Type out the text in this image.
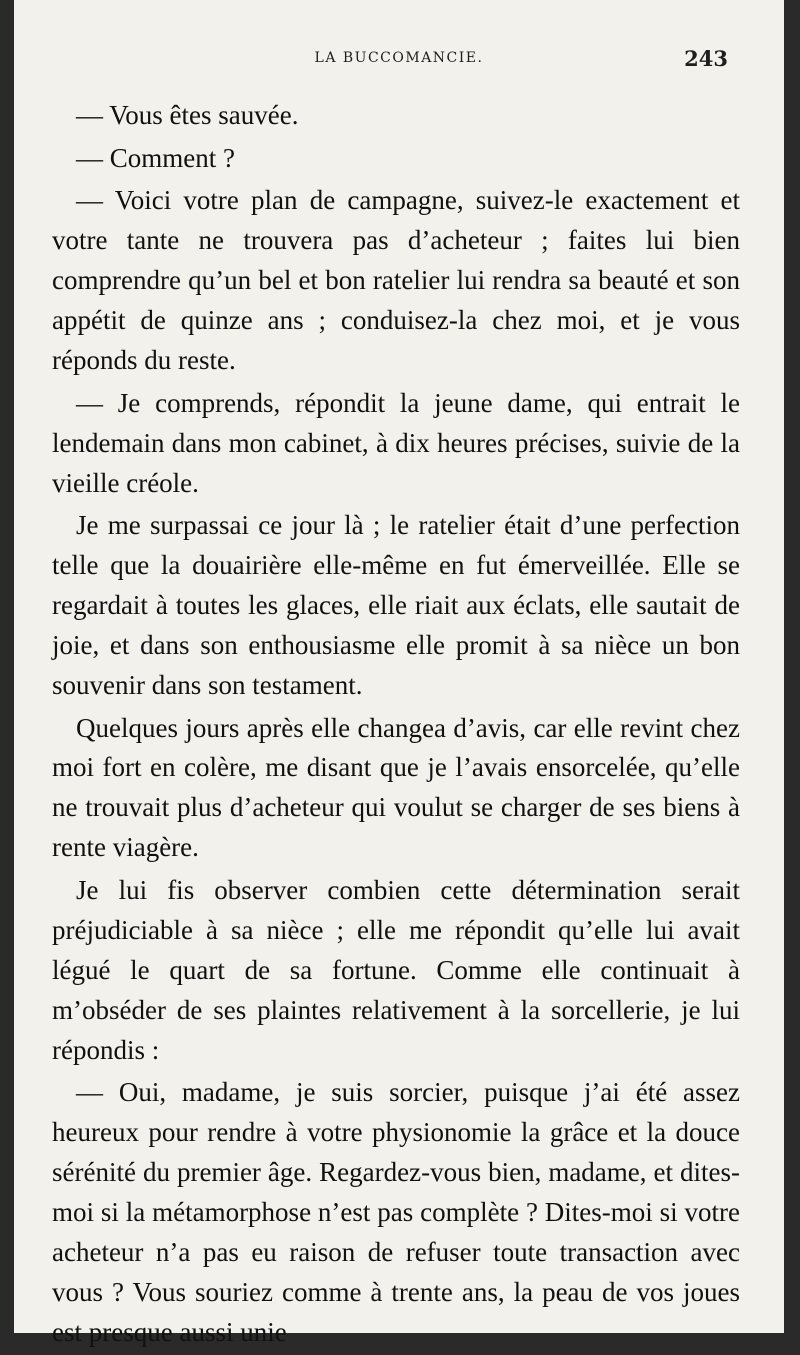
LA BUCCOMANCIE.	243

— Vous êtes sauvée.

— Comment ?

— Voici votre plan de campagne, suivez-le exactement et votre tante ne trouvera pas d’acheteur ; faites lui bien comprendre qu’un bel et bon ratelier lui rendra sa beauté et son appétit de quinze ans ; conduisez-la chez moi, et je vous réponds du reste.

— Je comprends, répondit la jeune dame, qui entrait le lendemain dans mon cabinet, à dix heures précises, suivie de la vieille créole.

Je me surpassai ce jour là ; le ratelier était d’une perfection telle que la douairière elle-même en fut émerveillée. Elle se regardait à toutes les glaces, elle riait aux éclats, elle sautait de joie, et dans son enthousiasme elle promit à sa nièce un bon souvenir dans son testament.

Quelques jours après elle changea d’avis, car elle revint chez moi fort en colère, me disant que je l’avais ensorcelée, qu’elle ne trouvait plus d’acheteur qui voulut se charger de ses biens à rente viagère.

Je lui fis observer combien cette détermination serait préjudiciable à sa nièce ; elle me répondit qu’elle lui avait légué le quart de sa fortune. Comme elle continuait à m’obséder de ses plaintes relativement à la sorcellerie, je lui répondis :

— Oui, madame, je suis sorcier, puisque j’ai été assez heureux pour rendre à votre physionomie la grâce et la douce sérénité du premier âge. Regardez-vous bien, madame, et dites-moi si la métamorphose n’est pas complète ? Dites-moi si votre acheteur n’a pas eu raison de refuser toute transaction avec vous ? Vous souriez comme à trente ans, la peau de vos joues est presque aussi unie
